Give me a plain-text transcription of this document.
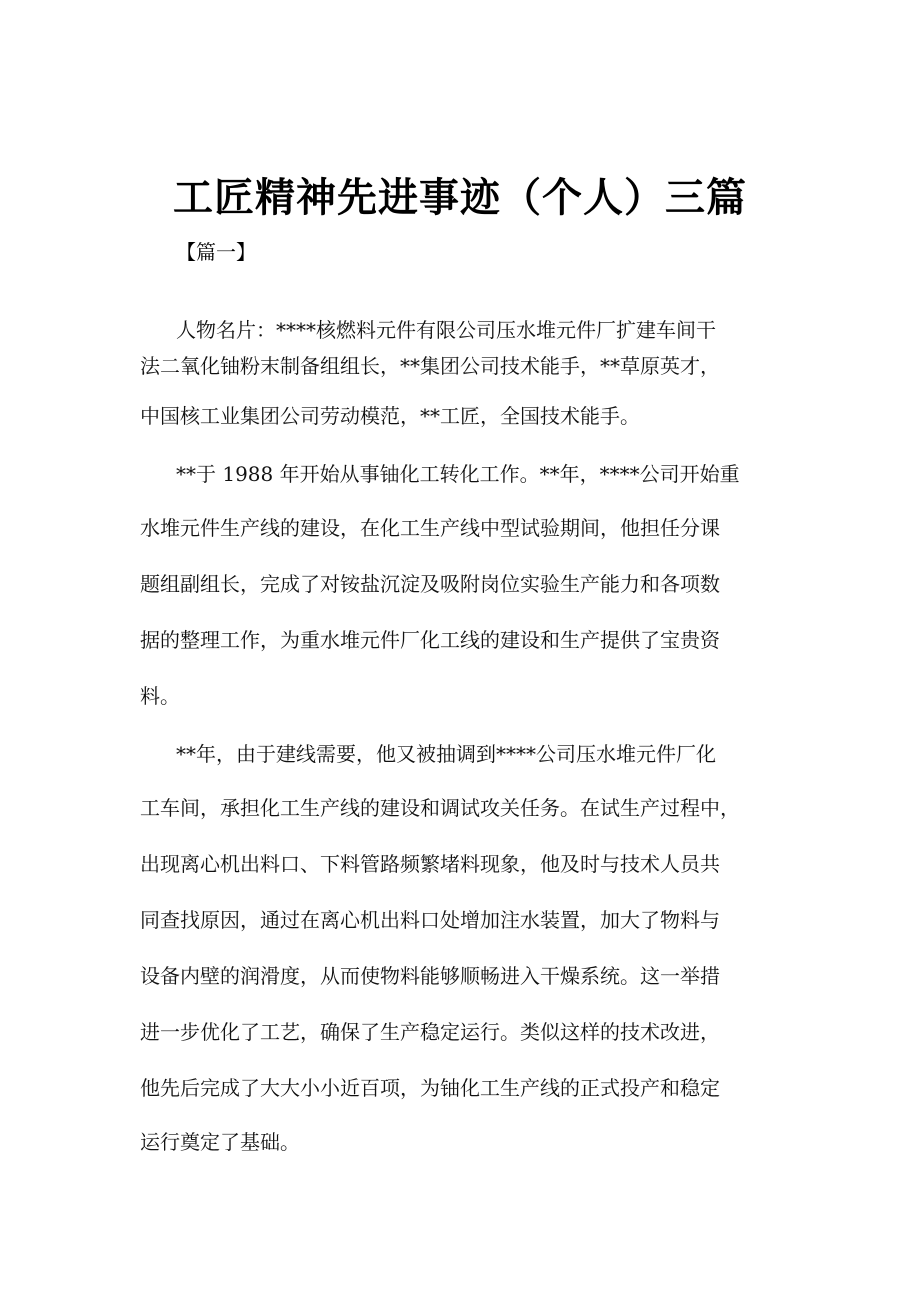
工匠精神先进事迹（个人）三篇
【篇一】
人物名片：****核燃料元件有限公司压水堆元件厂扩建车间干
法二氧化铀粉末制备组组长，**集团公司技术能手，**草原英才，
中国核工业集团公司劳动模范，**工匠，全国技术能手。
**于 1988 年开始从事铀化工转化工作。**年，****公司开始重
水堆元件生产线的建设，在化工生产线中型试验期间，他担任分课
题组副组长，完成了对铵盐沉淀及吸附岗位实验生产能力和各项数
据的整理工作，为重水堆元件厂化工线的建设和生产提供了宝贵资
料。
**年，由于建线需要，他又被抽调到****公司压水堆元件厂化
工车间，承担化工生产线的建设和调试攻关任务。在试生产过程中，
出现离心机出料口、下料管路频繁堵料现象，他及时与技术人员共
同查找原因，通过在离心机出料口处增加注水装置，加大了物料与
设备内壁的润滑度，从而使物料能够顺畅进入干燥系统。这一举措
进一步优化了工艺，确保了生产稳定运行。类似这样的技术改进，
他先后完成了大大小小近百项，为铀化工生产线的正式投产和稳定
运行奠定了基础。
